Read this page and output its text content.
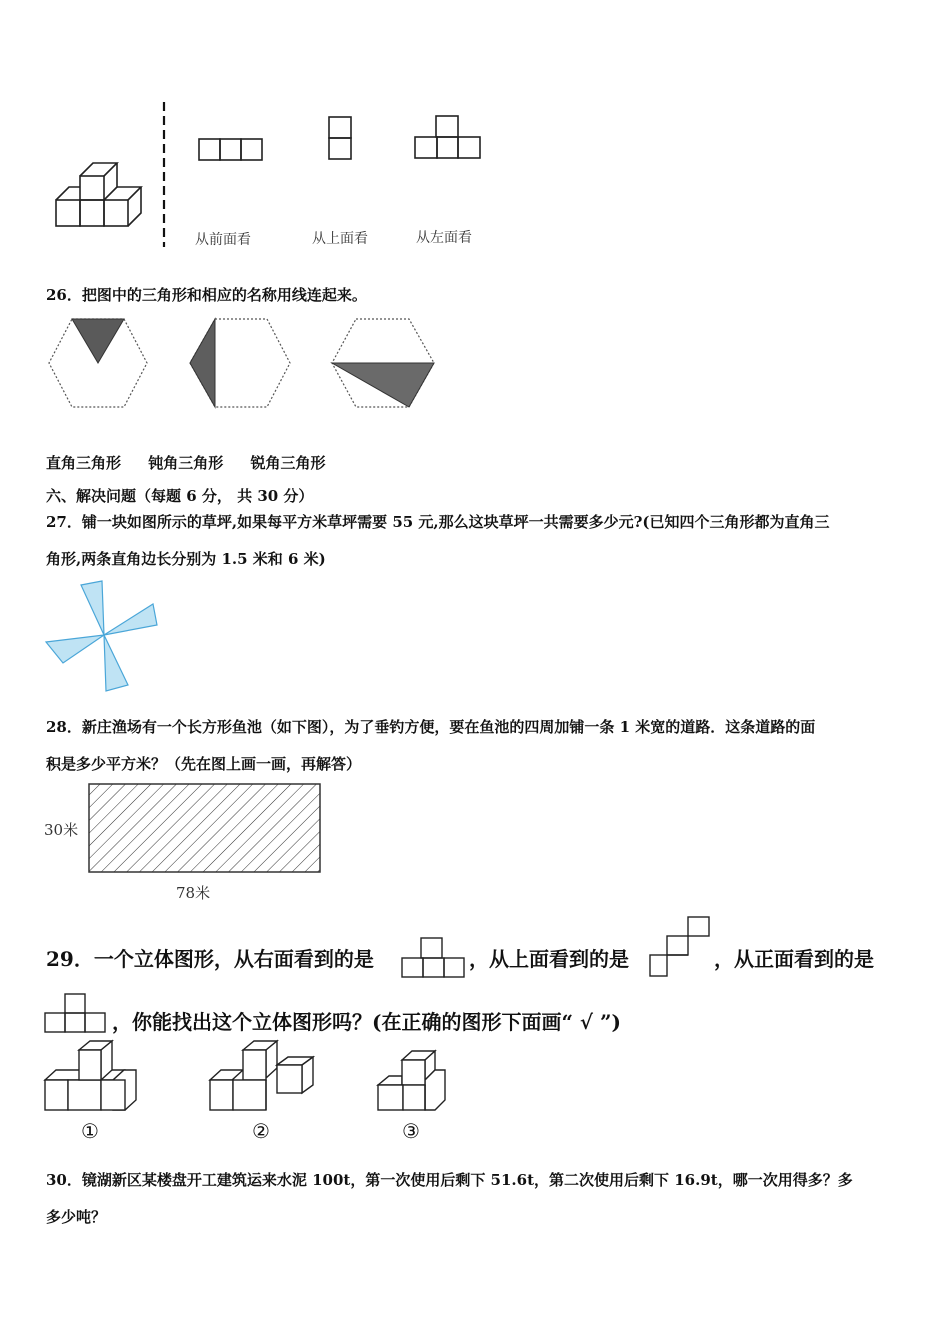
从前面看	从上面看	从左面看
26．把图中的三角形和相应的名称用线连起来。
直角三角形 钝角三角形 锐角三角形
六、解决问题（每题 6 分， 共 30 分）
27．铺一块如图所示的草坪,如果每平方米草坪需要 55 元,那么这块草坪一共需要多少元?(已知四个三角形都为直角三
角形,两条直角边长分别为 1.5 米和 6 米)
28．新庄渔场有一个长方形鱼池（如下图），为了垂钓方便，要在鱼池的四周加铺一条 1 米宽的道路．这条道路的面
积是多少平方米？（先在图上画一画，再解答）
30米
78米
29．一个立体图形，从右面看到的是	，从上面看到的是	，从正面看到的是
，你能找出这个立体图形吗？(在正确的图形下面画“ √ ”)
①	②	③
30．镜湖新区某楼盘开工建筑运来水泥 100t，第一次使用后剩下 51.6t，第二次使用后剩下 16.9t，哪一次用得多？多
多少吨？
